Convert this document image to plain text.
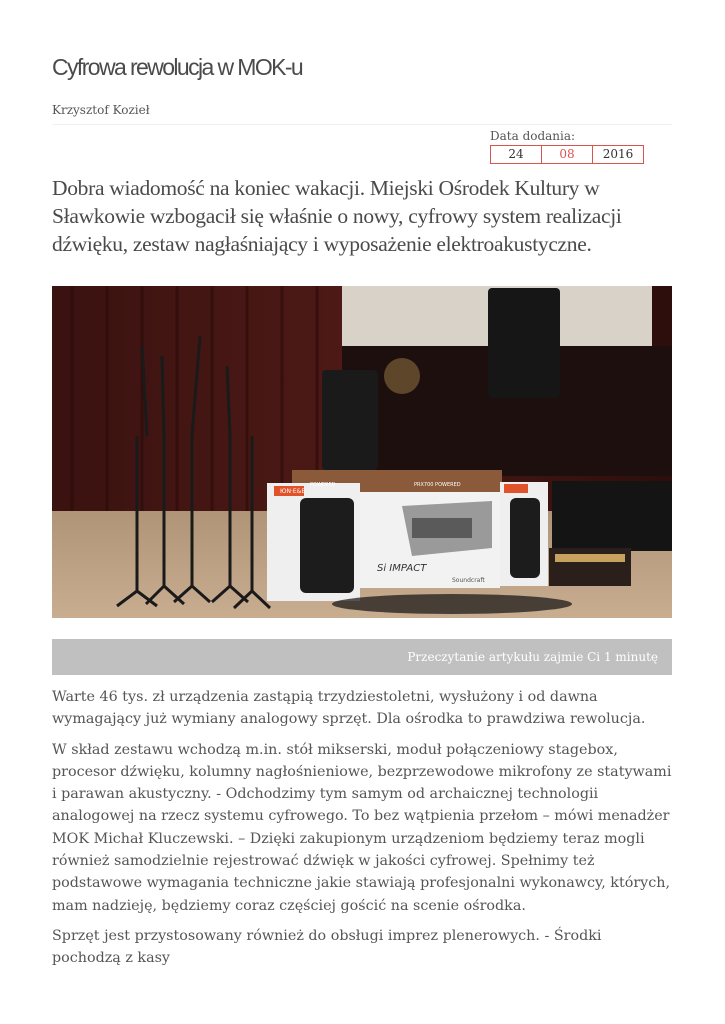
Cyfrowa rewolucja w MOK-u
Krzysztof Kozieł
Data dodania:
24	08	2016

Dobra wiadomość na koniec wakacji. Miejski Ośrodek Kultury w Sławkowie wzbogacił się właśnie o nowy, cyfrowy system realizacji dźwięku, zestaw nagłaśniający i wyposażenie elektroakustyczne.

ЮN·E&E
Si IMPACT
Soundcraft
POWERED	PRX700 POWERED
Przeczytanie artykułu zajmie Ci 1 minutę

Warte 46 tys. zł urządzenia zastąpią trzydziestoletni, wysłużony i od dawna wymagający już wymiany analogowy sprzęt. Dla ośrodka to prawdziwa rewolucja.

W skład zestawu wchodzą m.in. stół mikserski, moduł połączeniowy stagebox, procesor dźwięku, kolumny nagłośnieniowe, bezprzewodowe mikrofony ze statywami i parawan akustyczny. - Odchodzimy tym samym od archaicznej technologii analogowej na rzecz systemu cyfrowego. To bez wątpienia przełom – mówi menadżer MOK Michał Kluczewski. – Dzięki zakupionym urządzeniom będziemy teraz mogli również samodzielnie rejestrować dźwięk w jakości cyfrowej. Spełnimy też podstawowe wymagania techniczne jakie stawiają profesjonalni wykonawcy, których, mam nadzieję, będziemy coraz częściej gościć na scenie ośrodka.

Sprzęt jest przystosowany również do obsługi imprez plenerowych. - Środki pochodzą z kasy
